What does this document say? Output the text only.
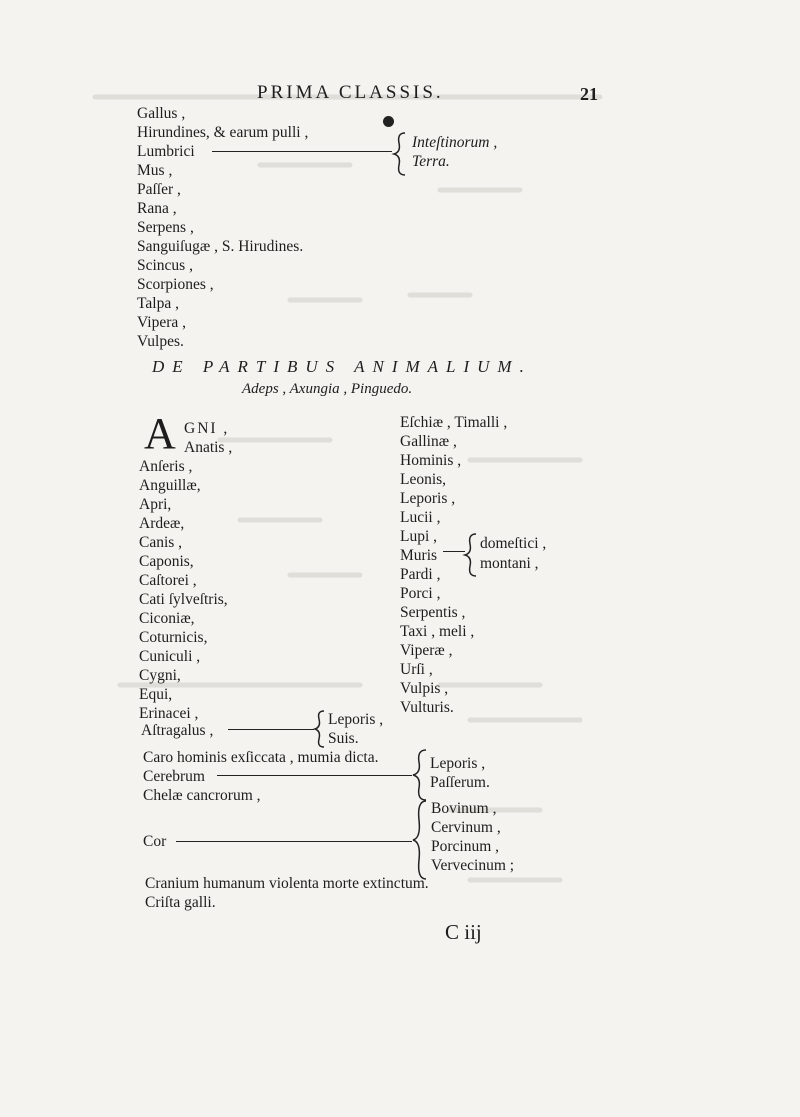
PRIMA CLASSIS.	21
Gallus ,
Hirundines, & earum pulli ,
Lumbrici
Mus ,
Paſſer ,
Rana ,
Serpens ,
Sanguiſugæ , S. Hirudines.
Scincus ,
Scorpiones ,
Talpa ,
Vipera ,
Vulpes.
Inteſtinorum ,
Terra.
DE PARTIBUS ANIMALIUM.
Adeps , Axungia , Pinguedo.
A GNI ,
Anatis ,
Anſeris ,
Anguillæ,
Apri,
Ardeæ,
Canis ,
Caponis,
Caſtorei ,
Cati ſylveſtris,
Ciconiæ,
Coturnicis,
Cuniculi ,
Cygni,
Equi,
Erinacei ,
Eſchiæ , Timalli ,
Gallinæ ,
Hominis ,
Leonis,
Leporis ,
Lucii ,
Lupi ,
Muris
Pardi ,
Porci ,
Serpentis ,
Taxi , meli ,
Viperæ ,
Urſi ,
Vulpis ,
Vulturis.
domeſtici ,
montani ,
Aſtragalus ,
Leporis ,
Suis.
Caro hominis exſiccata , mumia dicta.
Cerebrum
Chelæ cancrorum ,
Leporis ,
Paſſerum.
Cor
Bovinum ,
Cervinum ,
Porcinum ,
Vervecinum ;
Cranium humanum violenta morte extinctum.
Criſta galli.
C iij
